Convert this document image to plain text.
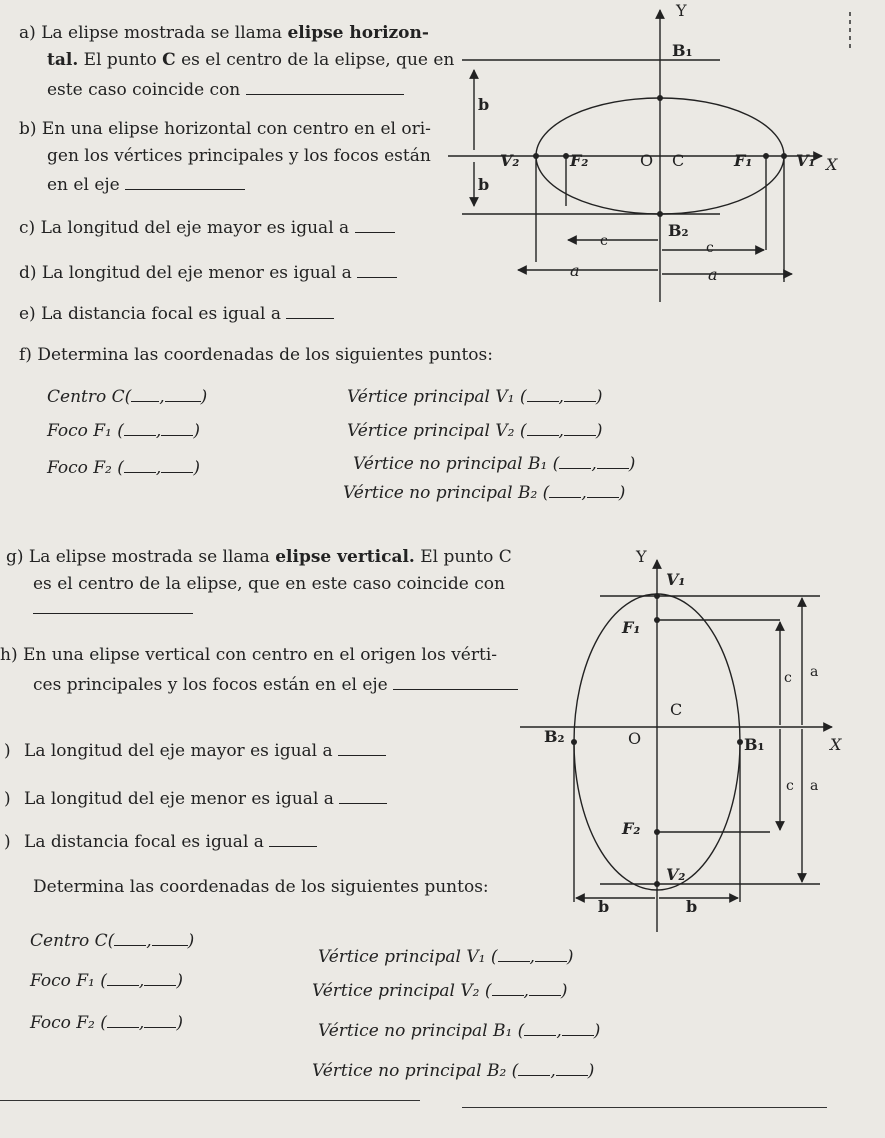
a) La elipse mostrada se llama elipse horizon-
tal. El punto C es el centro de la elipse, que en
este caso coincide con
b) En una elipse horizontal con centro en el ori-
gen los vértices principales y los focos están
en el eje
c) La longitud del eje mayor es igual a
d) La longitud del eje menor es igual a
e) La distancia focal es igual a
f) Determina las coordenadas de los siguientes puntos:
Centro C( , )
Foco F₁ ( , )
Foco F₂ ( , )
Vértice principal V₁ ( , )
Vértice principal V₂ ( , )
Vértice no principal B₁ ( , )
Vértice no principal B₂ ( , )
g) La elipse mostrada se llama elipse vertical. El punto C
es el centro de la elipse, que en este caso coincide con
h) En una elipse vertical con centro en el origen los vérti-
ces principales y los focos están en el eje
) La longitud del eje mayor es igual a
) La longitud del eje menor es igual a
) La distancia focal es igual a
Determina las coordenadas de los siguientes puntos:
Centro C( , )
Foco F₁ ( , )
Foco F₂ ( , )
Vértice principal V₁ ( , )
Vértice principal V₂ ( , )
Vértice no principal B₁ ( , )
Vértice no principal B₂ ( , )
Y
X
B₁
B₂
V₂	F₂	O C	F₁	V₁
b
b
c	c
a	a
Y
X
V₁
F₁
C
O
B₂	B₁
F₂
V₂
c a
c a
b	b
